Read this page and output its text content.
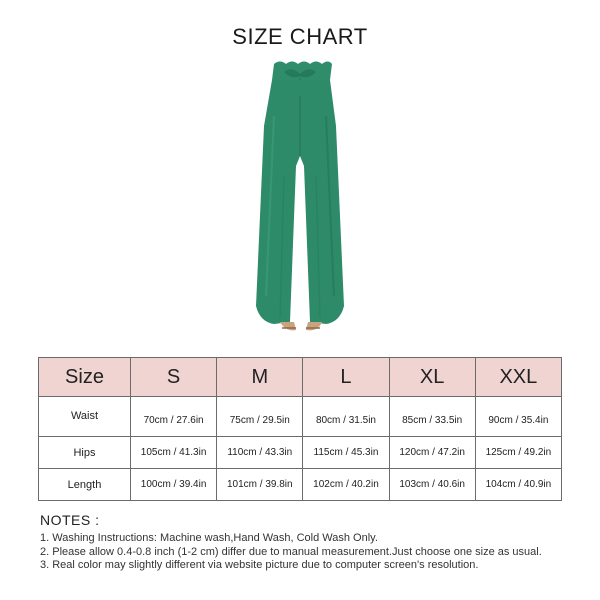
SIZE CHART
Size	S	M	L	XL	XXL
Waist	70cm / 27.6in	75cm / 29.5in	80cm / 31.5in	85cm / 33.5in	90cm / 35.4in
Hips	105cm / 41.3in	110cm / 43.3in	115cm / 45.3in	120cm / 47.2in	125cm / 49.2in
Length	100cm / 39.4in	101cm / 39.8in	102cm / 40.2in	103cm / 40.6in	104cm / 40.9in
NOTES :
1. Washing Instructions: Machine wash,Hand Wash, Cold Wash Only.
2. Please allow 0.4-0.8 inch (1-2 cm) differ due to manual measurement.Just choose one size as usual.
3. Real color may slightly different via website picture due to computer screen's resolution.
